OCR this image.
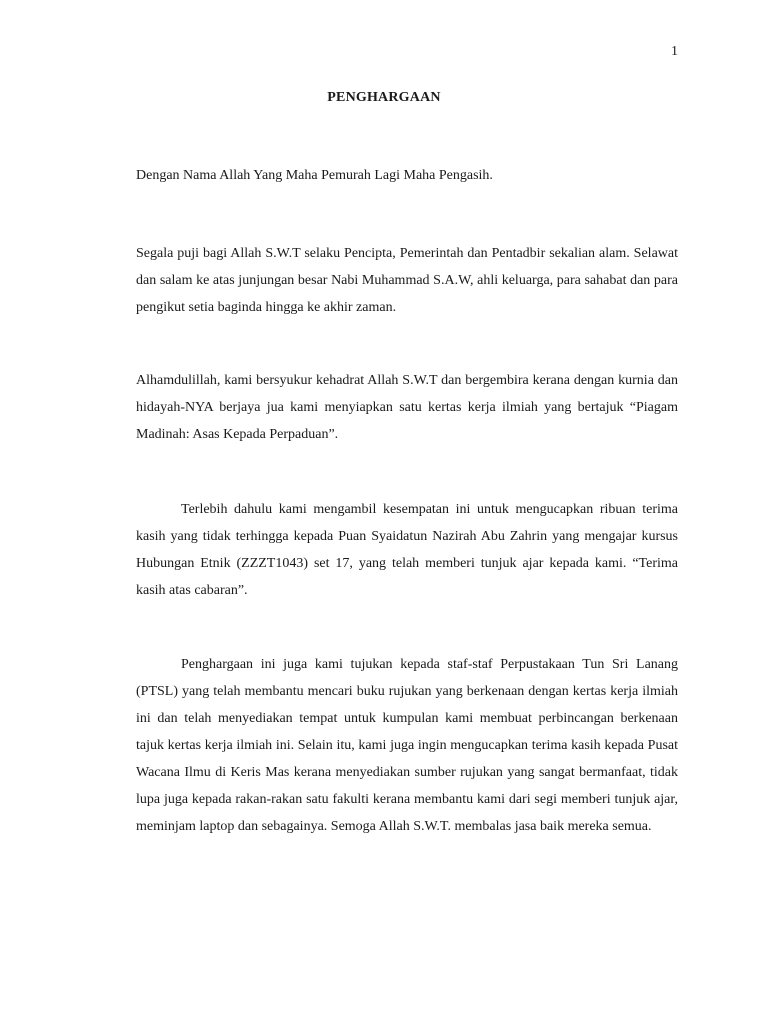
1
PENGHARGAAN

Dengan Nama Allah Yang Maha Pemurah Lagi Maha Pengasih.

Segala puji bagi Allah S.W.T selaku Pencipta, Pemerintah dan Pentadbir sekalian alam. Selawat dan salam ke atas junjungan besar Nabi Muhammad S.A.W, ahli keluarga, para sahabat dan para pengikut setia baginda hingga ke akhir zaman.

Alhamdulillah, kami bersyukur kehadrat Allah S.W.T dan bergembira kerana dengan kurnia dan hidayah-NYA berjaya jua kami menyiapkan satu kertas kerja ilmiah yang bertajuk “Piagam Madinah: Asas Kepada Perpaduan”.

Terlebih dahulu kami mengambil kesempatan ini untuk mengucapkan ribuan terima kasih yang tidak terhingga kepada Puan Syaidatun Nazirah Abu Zahrin yang mengajar kursus Hubungan Etnik (ZZZT1043) set 17, yang telah memberi tunjuk ajar kepada kami. “Terima kasih atas cabaran”.

Penghargaan ini juga kami tujukan kepada staf-staf Perpustakaan Tun Sri Lanang (PTSL) yang telah membantu mencari buku rujukan yang berkenaan dengan kertas kerja ilmiah ini dan telah menyediakan tempat untuk kumpulan kami membuat perbincangan berkenaan tajuk kertas kerja ilmiah ini. Selain itu, kami juga ingin mengucapkan terima kasih kepada Pusat Wacana Ilmu di Keris Mas kerana menyediakan sumber rujukan yang sangat bermanfaat, tidak lupa juga kepada rakan-rakan satu fakulti kerana membantu kami dari segi memberi tunjuk ajar, meminjam laptop dan sebagainya. Semoga Allah S.W.T. membalas jasa baik mereka semua.
